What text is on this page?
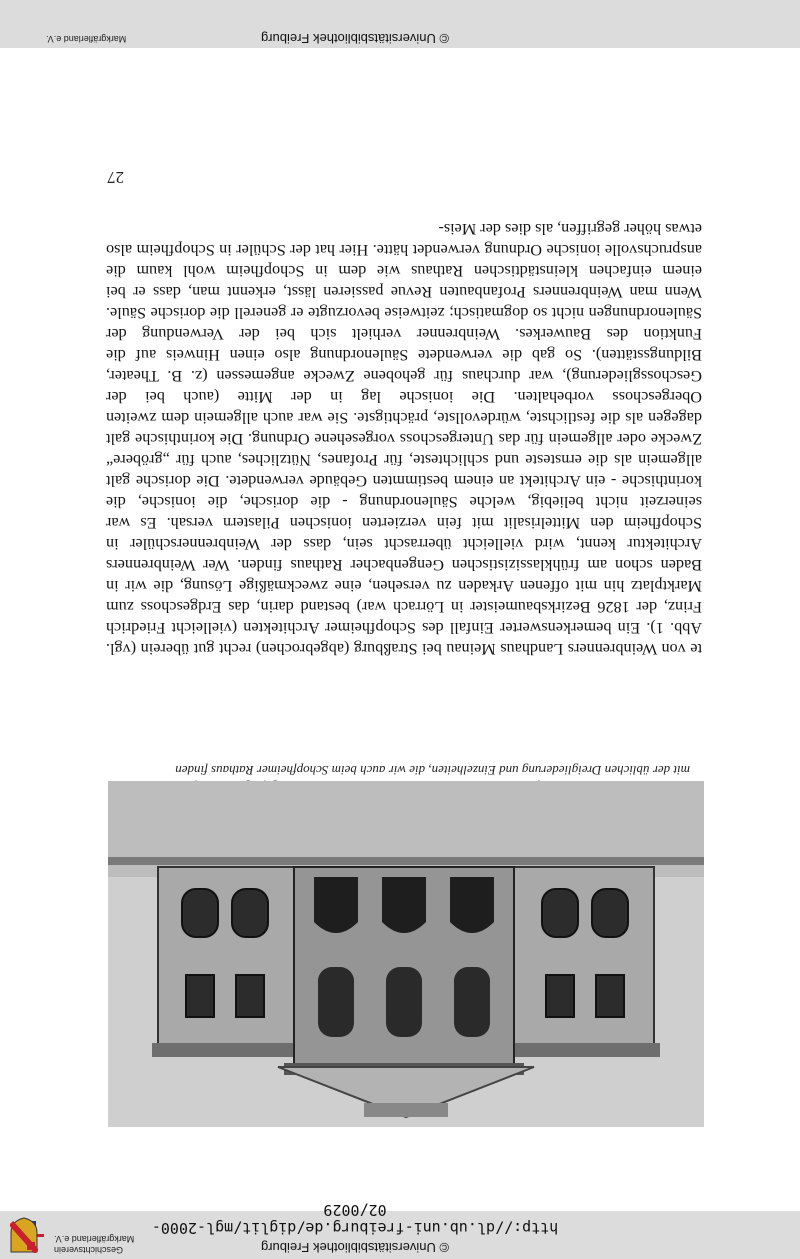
© Universitätsbibliothek Freiburg
http://dl.ub.uni-freiburg.de/diglit/mgl-2000-02/0029
Geschichtsverein
Markgräflerland e.V.
27

te von Weinbrenners Landhaus Meinau bei Straßburg (abgebrochen) recht gut überein (vgl. Abb. 1). Ein bemerkenswerter Einfall des Schopfheimer Architekten (vielleicht Friedrich Frinz, der 1826 Bezirksbaumeister in Lörrach war) bestand darin, das Erdgeschoss zum Marktplatz hin mit offenen Arkaden zu versehen, eine zweckmäßige Lösung, die wir in Baden schon am frühklassizistischen Gengenbacher Rathaus finden. Wer Weinbrenners Architektur kennt, wird vielleicht überrascht sein, dass der Weinbrennerschüler in Schopfheim den Mittelrisalit mit fein verzierten ionischen Pilastern versah. Es war seinerzeit nicht beliebig, welche Säulenordnung - die dorische, die ionische, die korinthische - ein Architekt an einem bestimmten Gebäude verwendete. Die dorische galt allgemein als die ernsteste und schlichteste, für Profanes, Nützliches, auch für „gröbere“ Zwecke oder allgemein für das Untergeschoss vorgesehene Ordnung. Die korinthische galt dagegen als die festlichste, würdevollste, prächtigste. Sie war auch allgemein dem zweiten Obergeschoss vorbehalten. Die ionische lag in der Mitte (auch bei der Geschossgliederung), war durchaus für gehobene Zwecke angemessen (z. B. Theater, Bildungsstätten). So gab die verwendete Säulenordnung also einen Hinweis auf die Funktion des Bauwerkes. Weinbrenner verhielt sich bei der Verwendung der Säulenordnungen nicht so dogmatisch; zeitweise bevorzugte er generell die dorische Säule. Wenn man Weinbrenners Profanbauten Revue passieren lässt, erkennt man, dass er bei einem einfachen kleinstädtischen Rathaus wie dem in Schopfheim wohl kaum die anspruchsvolle ionische Ordnung verwendet hätte. Hier hat der Schüler in Schopfheim also etwas höher gegriffen, als dies der Meis-

mit der üblichen Dreigliederung und Einzelheiten, die wir auch beim Schopfheimer Rathaus finden
© Universitätsbibliothek Freiburg
Markgräflerland e.V.
